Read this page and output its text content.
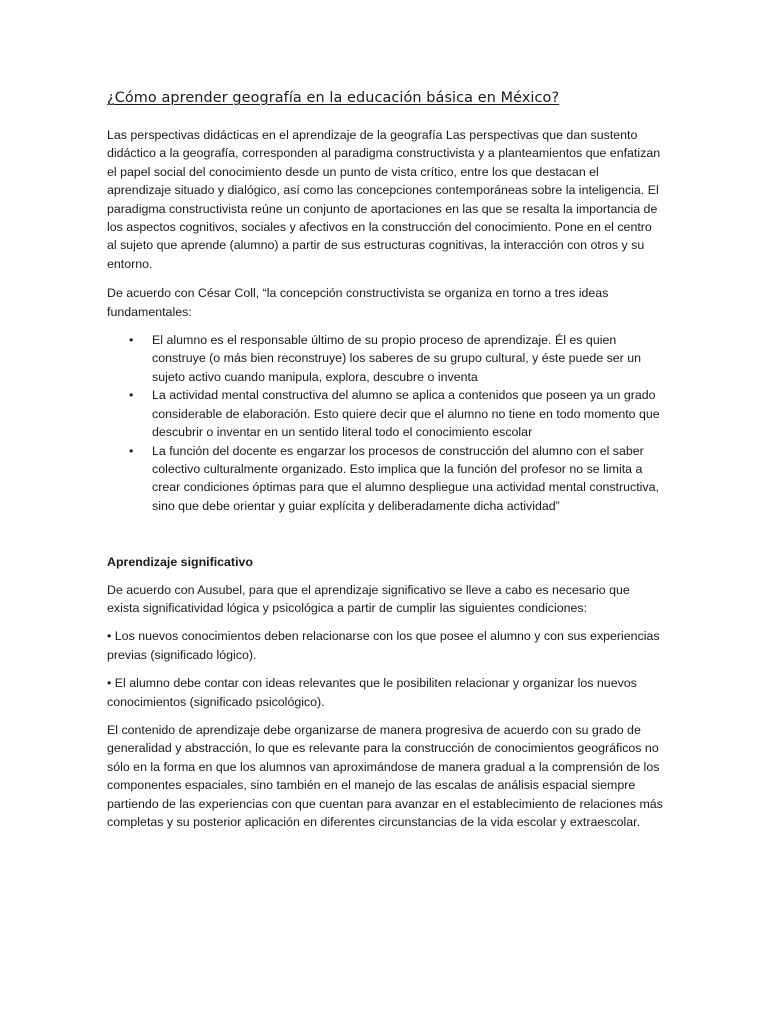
¿Cómo aprender geografía en la educación básica en México?

Las perspectivas didácticas en el aprendizaje de la geografía Las perspectivas que dan sustento didáctico a la geografía, corresponden al paradigma constructivista y a planteamientos que enfatizan el papel social del conocimiento desde un punto de vista crítico, entre los que destacan el aprendizaje situado y dialógico, así como las concepciones contemporáneas sobre la inteligencia. El paradigma constructivista reúne un conjunto de aportaciones en las que se resalta la importancia de los aspectos cognitivos, sociales y afectivos en la construcción del conocimiento. Pone en el centro al sujeto que aprende (alumno) a partir de sus estructuras cognitivas, la interacción con otros y su entorno.

De acuerdo con César Coll, “la concepción constructivista se organiza en torno a tres ideas fundamentales:

• El alumno es el responsable último de su propio proceso de aprendizaje. Él es quien construye (o más bien reconstruye) los saberes de su grupo cultural, y éste puede ser un sujeto activo cuando manipula, explora, descubre o inventa
• La actividad mental constructiva del alumno se aplica a contenidos que poseen ya un grado considerable de elaboración. Esto quiere decir que el alumno no tiene en todo momento que descubrir o inventar en un sentido literal todo el conocimiento escolar
• La función del docente es engarzar los procesos de construcción del alumno con el saber colectivo culturalmente organizado. Esto implica que la función del profesor no se limita a crear condiciones óptimas para que el alumno despliegue una actividad mental constructiva, sino que debe orientar y guiar explícita y deliberadamente dicha actividad”

Aprendizaje significativo

De acuerdo con Ausubel, para que el aprendizaje significativo se lleve a cabo es necesario que exista significatividad lógica y psicológica a partir de cumplir las siguientes condiciones:

• Los nuevos conocimientos deben relacionarse con los que posee el alumno y con sus experiencias previas (significado lógico).

• El alumno debe contar con ideas relevantes que le posibiliten relacionar y organizar los nuevos conocimientos (significado psicológico).

El contenido de aprendizaje debe organizarse de manera progresiva de acuerdo con su grado de generalidad y abstracción, lo que es relevante para la construcción de conocimientos geográficos no sólo en la forma en que los alumnos van aproximándose de manera gradual a la comprensión de los componentes espaciales, sino también en el manejo de las escalas de análisis espacial siempre partiendo de las experiencias con que cuentan para avanzar en el establecimiento de relaciones más completas y su posterior aplicación en diferentes circunstancias de la vida escolar y extraescolar.
